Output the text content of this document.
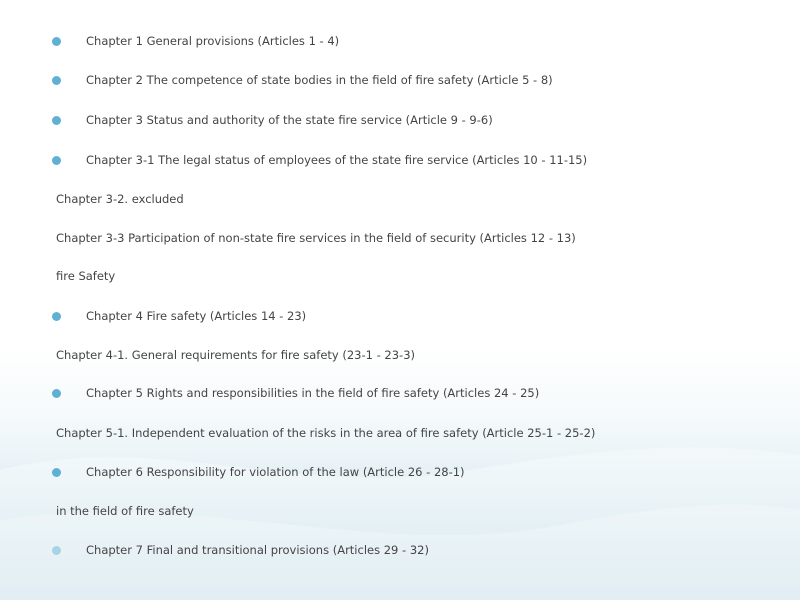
Chapter 1 General provisions (Articles 1 - 4)
Chapter 2 The competence of state bodies in the field of fire safety (Article 5 - 8)
Chapter 3 Status and authority of the state fire service (Article 9 - 9-6)
Chapter 3-1 The legal status of employees of the state fire service (Articles 10 - 11-15)
Chapter 3-2. excluded
Chapter 3-3 Participation of non-state fire services in the field of security (Articles 12 - 13)
fire Safety
Chapter 4 Fire safety (Articles 14 - 23)
Chapter 4-1. General requirements for fire safety (23-1 - 23-3)
Chapter 5 Rights and responsibilities in the field of fire safety (Articles 24 - 25)
Chapter 5-1. Independent evaluation of the risks in the area of fire safety (Article 25-1 - 25-2)
Chapter 6 Responsibility for violation of the law (Article 26 - 28-1)
in the field of fire safety
Chapter 7 Final and transitional provisions (Articles 29 - 32)
